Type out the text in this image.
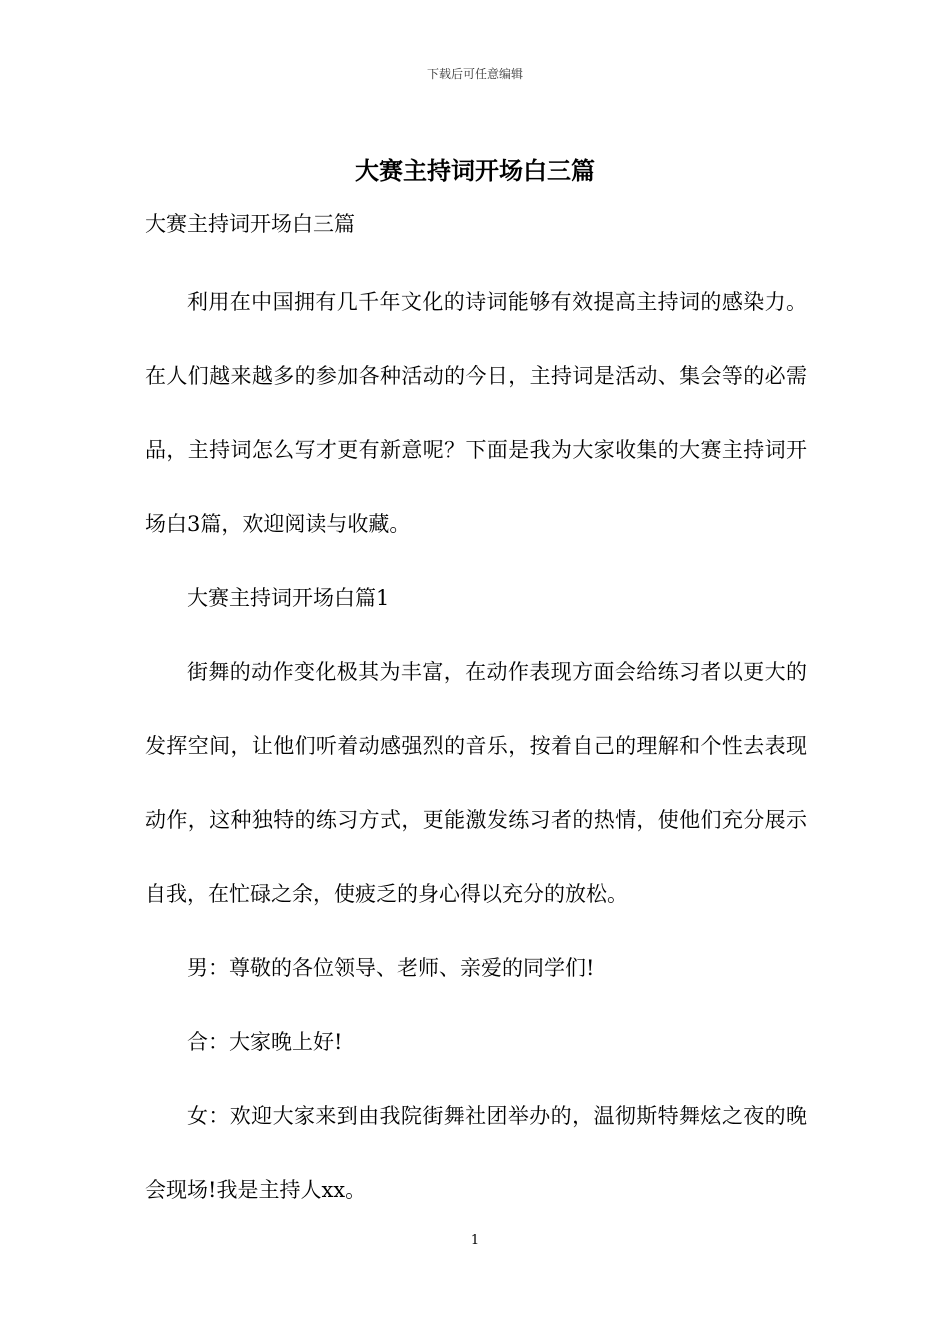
下载后可任意编辑
大赛主持词开场白三篇
大赛主持词开场白三篇

利用在中国拥有几千年文化的诗词能够有效提高主持词的感染力。在人们越来越多的参加各种活动的今日，主持词是活动、集会等的必需品，主持词怎么写才更有新意呢？下面是我为大家收集的大赛主持词开场白3篇，欢迎阅读与收藏。

大赛主持词开场白篇1

街舞的动作变化极其为丰富，在动作表现方面会给练习者以更大的发挥空间，让他们听着动感强烈的音乐，按着自己的理解和个性去表现动作，这种独特的练习方式，更能激发练习者的热情，使他们充分展示自我，在忙碌之余，使疲乏的身心得以充分的放松。

男：尊敬的各位领导、老师、亲爱的同学们!

合：大家晚上好!

女：欢迎大家来到由我院街舞社团举办的，温彻斯特舞炫之夜的晚会现场!我是主持人xx。

1
